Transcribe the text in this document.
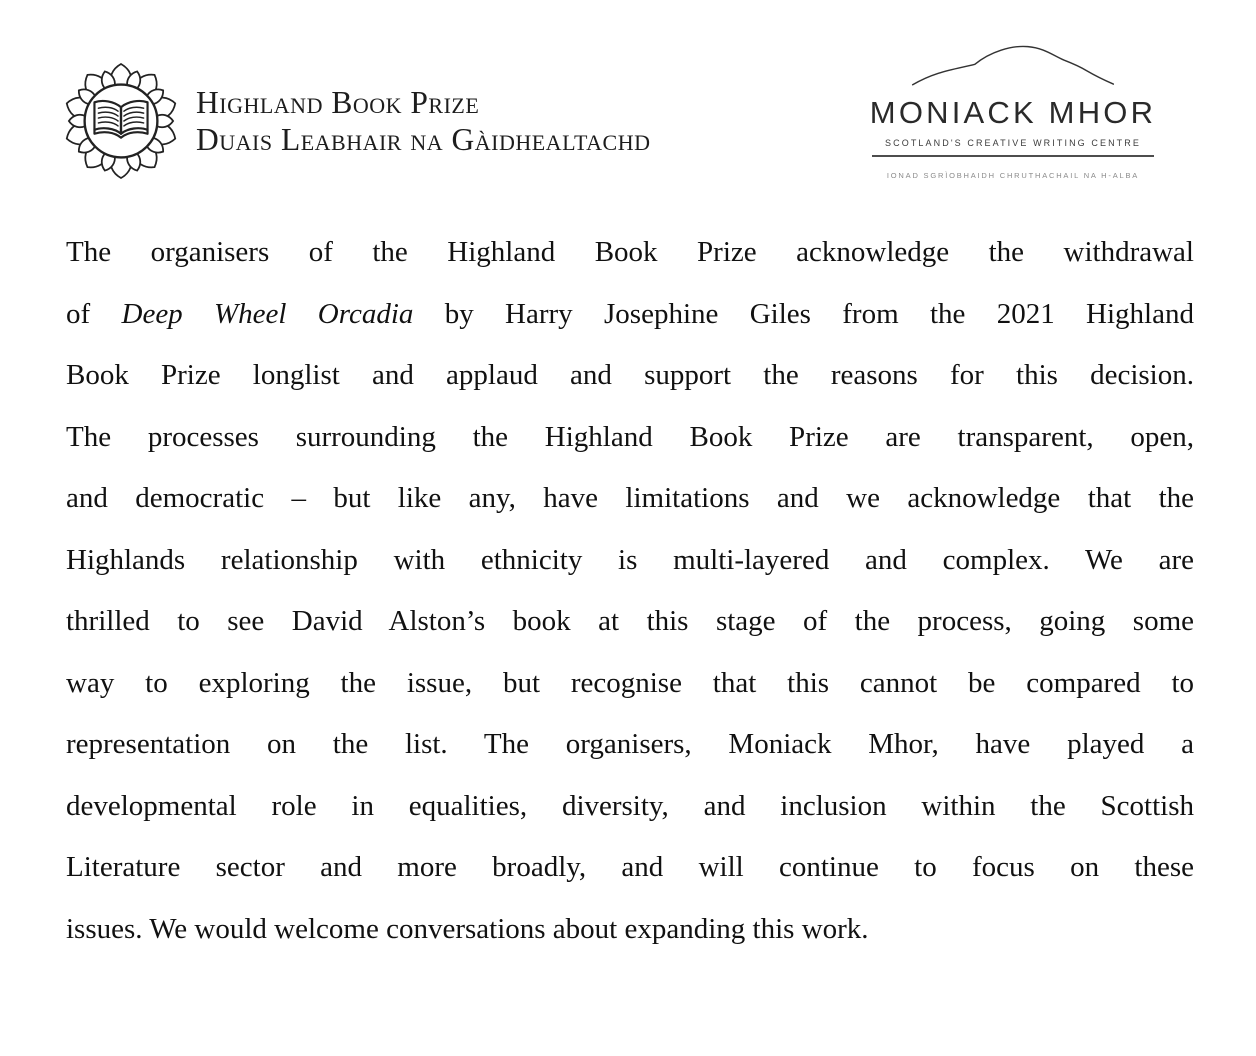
Highland Book Prize
Duais Leabhair na Gàidhealtachd
MONIACK MHOR
SCOTLAND'S CREATIVE WRITING CENTRE
IONAD SGRÌOBHAIDH CHRUTHACHAIL NA H-ALBA
The organisers of the Highland Book Prize acknowledge the withdrawal
of Deep Wheel Orcadia by Harry Josephine Giles from the 2021 Highland
Book Prize longlist and applaud and support the reasons for this decision.
The processes surrounding the Highland Book Prize are transparent, open,
and democratic – but like any, have limitations and we acknowledge that the
Highlands relationship with ethnicity is multi-layered and complex. We are
thrilled to see David Alston’s book at this stage of the process, going some
way to exploring the issue, but recognise that this cannot be compared to
representation on the list. The organisers, Moniack Mhor, have played a
developmental role in equalities, diversity, and inclusion within the Scottish
Literature sector and more broadly, and will continue to focus on these
issues. We would welcome conversations about expanding this work.
